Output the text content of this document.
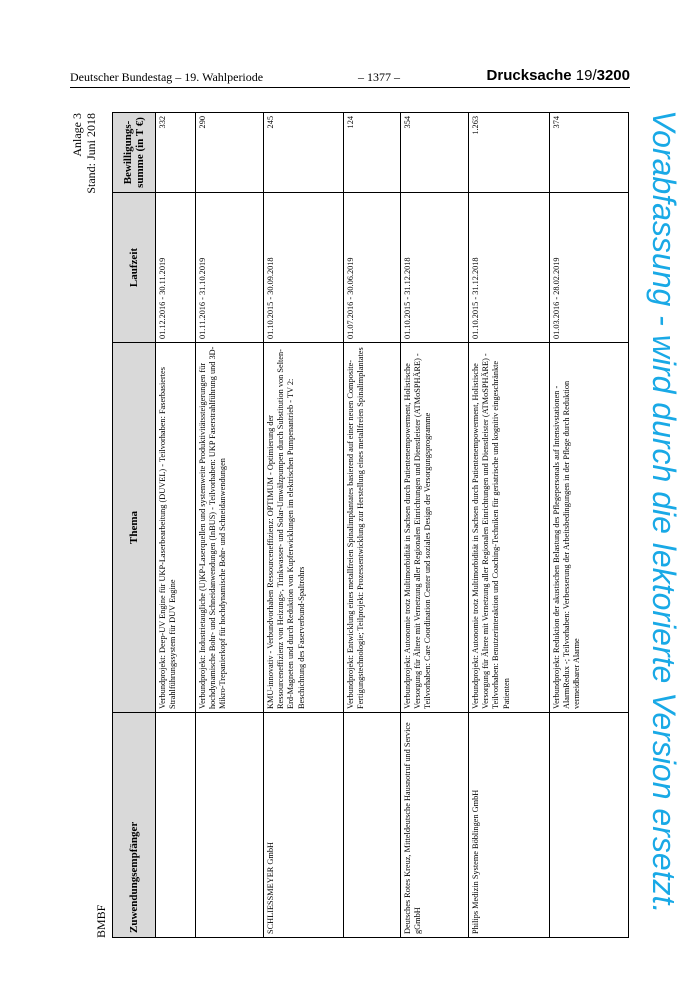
Deutscher Bundestag – 19. Wahlperiode	– 1377 –	Drucksache 19/3200
BMBF
Anlage 3 Stand: Juni 2018
Zuwendungsempfänger	Thema	Laufzeit	Bewilligungs-summe (in T €)
	Verbundprojekt: Deep-UV Engine für UKP-Laserbearbeitung (DUVEL) - Teilvorhaben: Faserbasiertes Strahlführungssystem für DUV Engine	01.12.2016 - 30.11.2019	332
	Verbundprojekt: Industrietaugliche (U)KP-Laserquellen und systemweite Produktivitätssteigerungen für hochdynamische Bohr- und Schneidanwendungen (InBUS) - Teilvorhaben: UKP Faserstrahlführung und 3D-Mikro-Trepanierkopf für hochdynamische Bohr- und Schneidanwendungen	01.11.2016 - 31.10.2019	290
SCHLIESSMEYER GmbH	KMU-innovativ - Verbundvorhaben Ressourceneffizienz: OPTIMUM - Optimierung der Ressourceneffizienz von Heizungs-, Trinkwasser- und Solar-Umwälzpumpen durch Substitution von Selten-Erd-Magneten und durch Reduktion von Kupferwicklungen im elektrischen Pumpenantrieb - TV 2: Beschichtung des Faserverbund-Spaltrohrs	01.10.2015 - 30.09.2018	245
	Verbundprojekt: Entwicklung eines metallfreien Spinalimplantates basierend auf einer neuen Composite-Fertigungstechnologie; Teilprojekt: Prozessentwicklung zur Herstellung eines metallfreien Spinalimplantates	01.07.2016 - 30.06.2019	124
Deutsches Rotes Kreuz, Mitteldeutsche Hausnotruf und Service gGmbH	Verbundprojekt: Autonomie trotz Multimorbidität in Sachsen durch Patientenempowerment, Holistische Versorgung für Ältere mit Vernetzung aller Regionalen Einrichtungen und Dienstleister (ATMoSPHÄRE) - Teilvorhaben: Care Coordination Center und soziales Design der Versorgungsprogramme	01.10.2015 - 31.12.2018	354
Philips Medizin Systeme Böblingen GmbH	Verbundprojekt: Autonomie trotz Multimorbidität in Sachsen durch Patientenempowerment, Holistische Versorgung für Ältere mit Vernetzung aller Regionalen Einrichtungen und Dienstleister (ATMoSPHÄRE) - Teilvorhaben: Benutzerinteraktion und Coaching-Techniken für geriatrische und kognitiv eingeschränkte Patienten	01.10.2015 - 31.12.2018	1.263
	Verbundprojekt: Reduktion der akustischen Belastung des Pflegepersonals auf Intensivstationen - AlarmRedux -; Teilvorhaben: Verbesserung der Arbeitsbedingungen in der Pflege durch Reduktion vermeidbarer Alarme	01.03.2016 - 28.02.2019	374	Vorabfassung - wird durch die lektorierte Version ersetzt.
